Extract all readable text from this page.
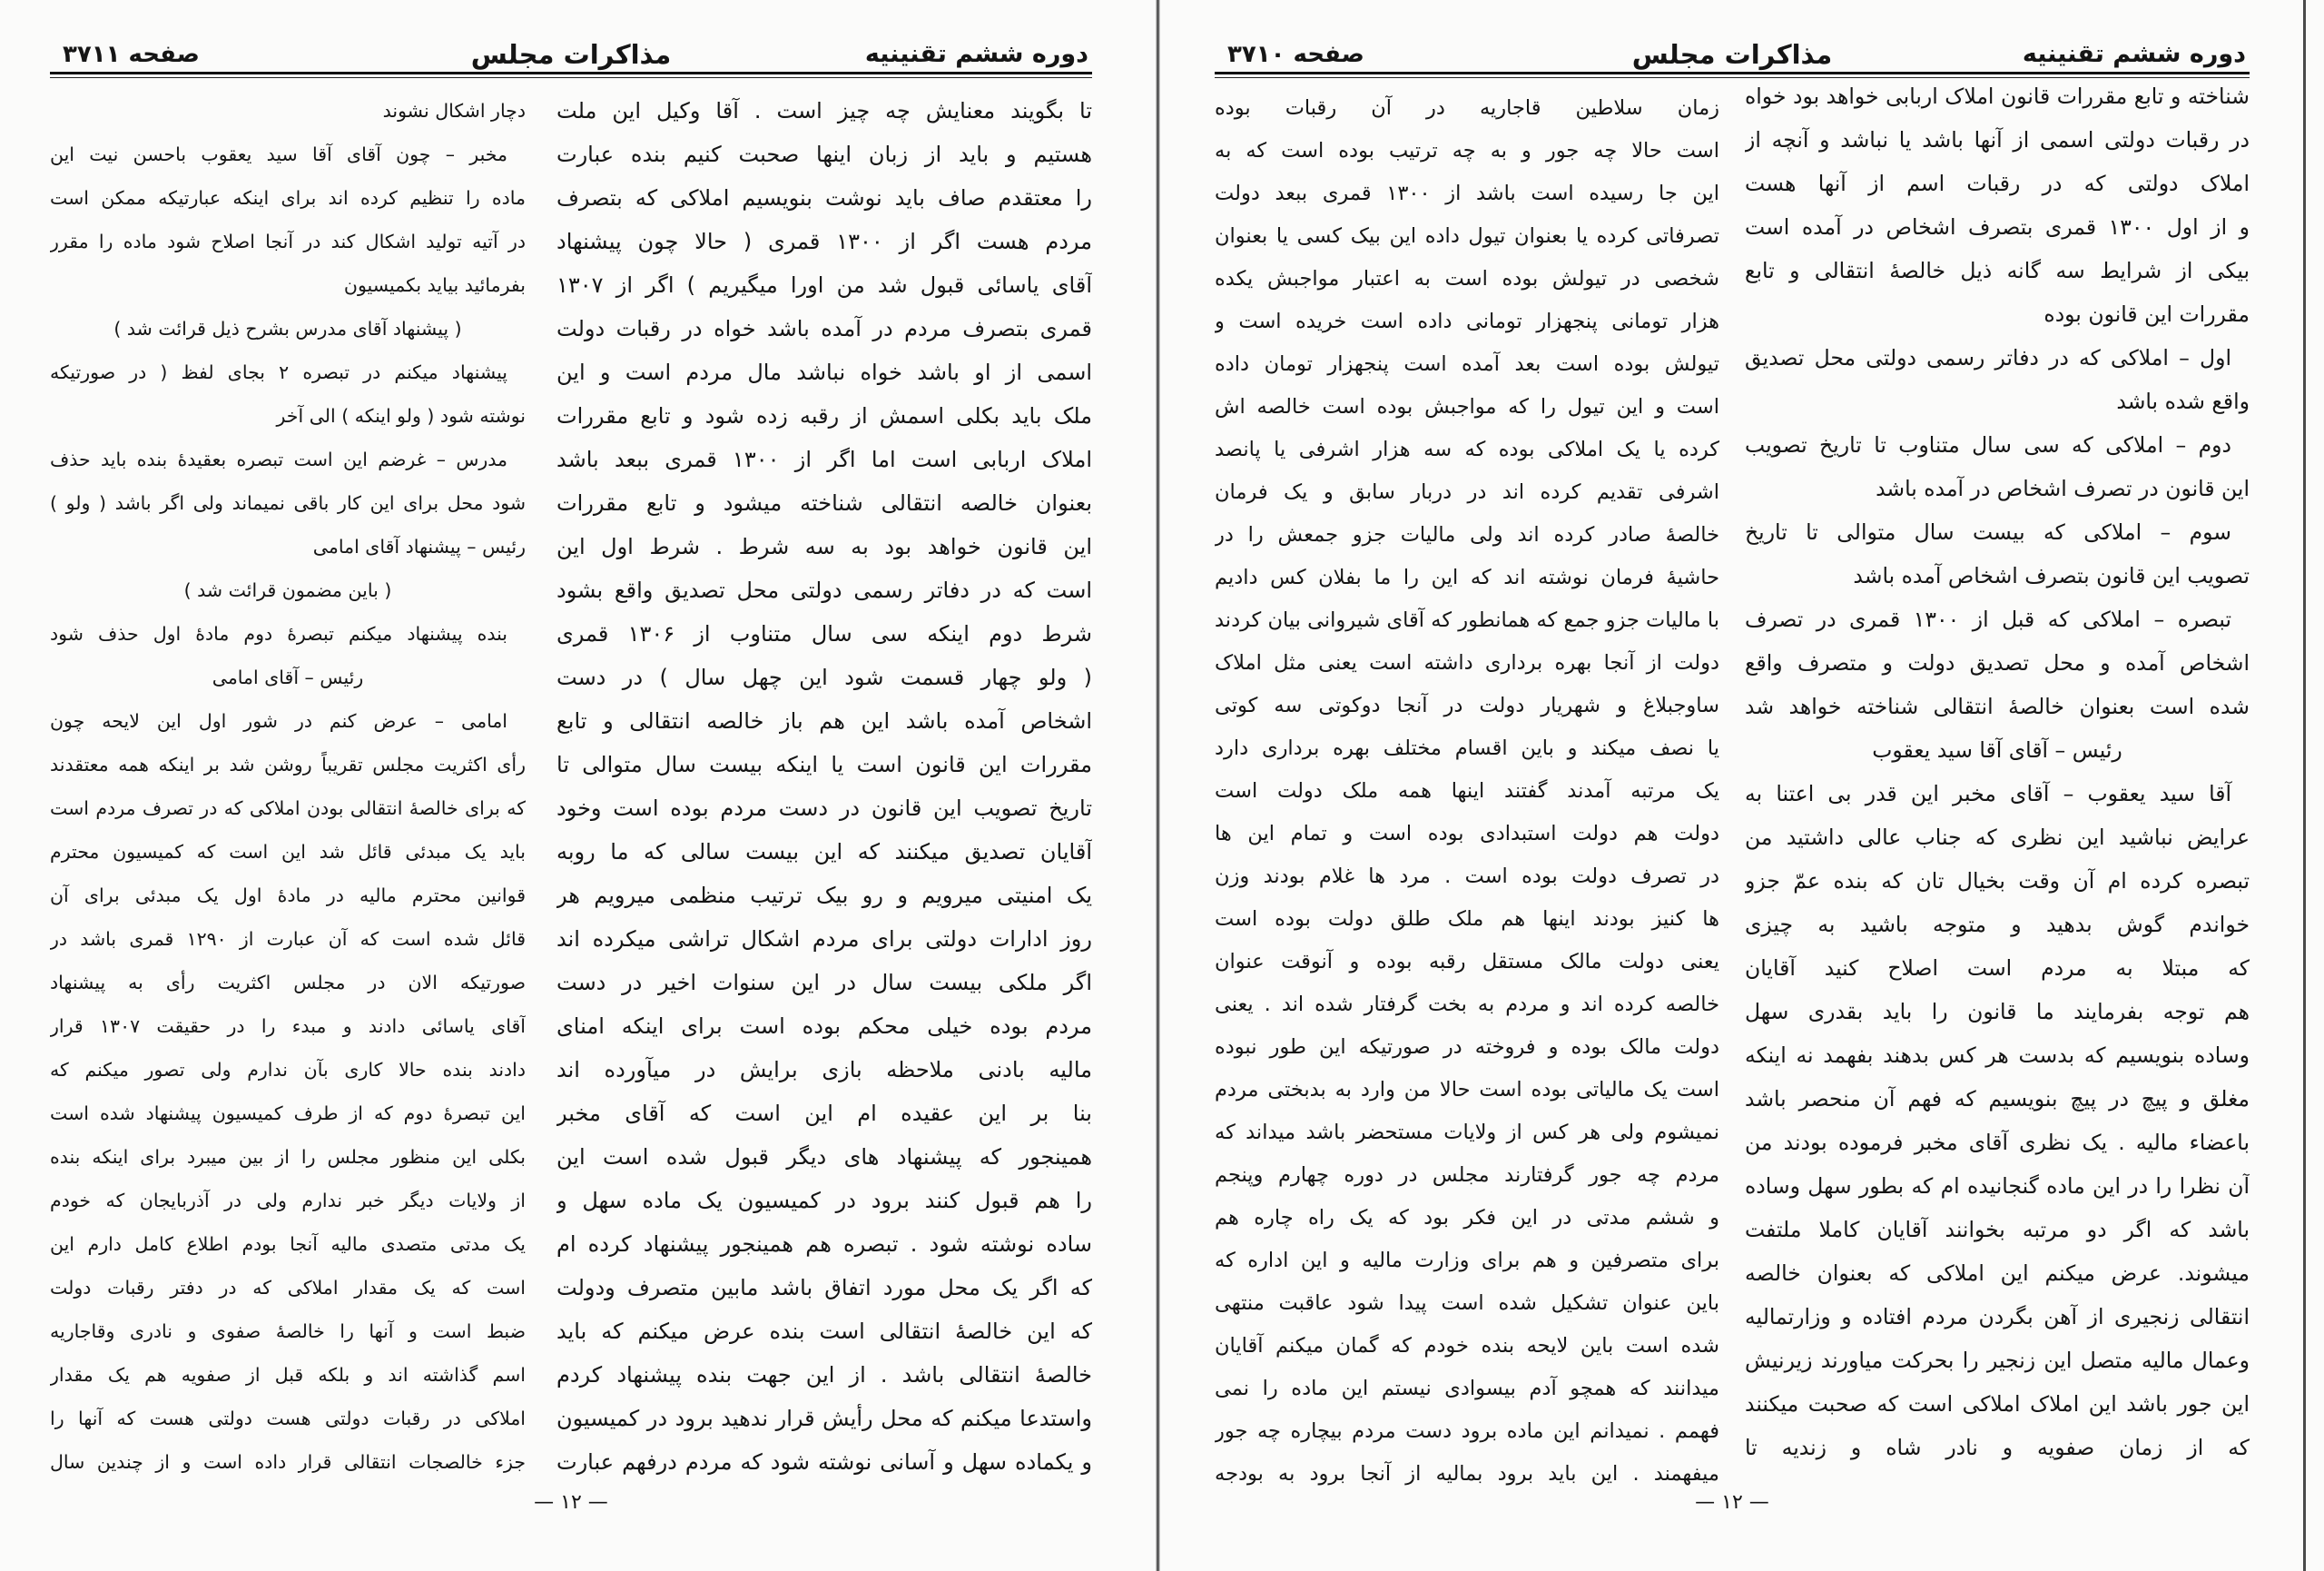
دوره ششم تقنینیه
مذاکرات مجلس
صفحه ۳۷۱۰
شناخته و تابع مقررات قانون املاک اربابی خواهد بود خواه
در رقبات دولتی اسمی از آنها باشد یا نباشد و آنچه از
املاک دولتی که در رقبات اسم از آنها هست
و از اول ۱۳۰۰ قمری بتصرف اشخاص در آمده است
بیکی از شرایط سه گانه ذیل خالصهٔ انتقالی و تابع
مقررات این قانون بوده
اول – املاکی که در دفاتر رسمی دولتی محل تصدیق
واقع شده باشد
دوم – املاکی که سی سال متناوب تا تاریخ تصویب
این قانون در تصرف اشخاص در آمده باشد
سوم – املاکی که بیست سال متوالی تا تاریخ
تصویب این قانون بتصرف اشخاص آمده باشد
تبصره – املاکی که قبل از ۱۳۰۰ قمری در تصرف
اشخاص آمده و محل تصدیق دولت و متصرف واقع
شده است بعنوان خالصهٔ انتقالی شناخته خواهد شد
رئیس – آقای آقا سید یعقوب
آقا سید یعقوب – آقای مخبر این قدر بی اعتنا به
عرایض نباشید این نظری که جناب عالی داشتید من
تبصره کرده ام آن وقت بخیال تان که بنده عمّ جزو
خواندم گوش بدهید و متوجه باشید به چیزی
که مبتلا به مردم است اصلاح کنید آقایان
هم توجه بفرمایند ما قانون را باید بقدری سهل
وساده بنویسیم که بدست هر کس بدهند بفهمد نه اینکه
مغلق و پیچ در پیچ بنویسیم که فهم آن منحصر باشد
باعضاء مالیه . یک نظری آقای مخبر فرموده بودند من
آن نظرا را در این ماده گنجانیده ام که بطور سهل وساده
باشد که اگر دو مرتبه بخوانند آقایان کاملا ملتفت
میشوند. عرض میکنم این املاکی که بعنوان خالصه
انتقالی زنجیری از آهن بگردن مردم افتاده و وزارتمالیه
وعمال مالیه متصل این زنجیر را بحرکت میاورند زیرنیش
این جور باشد این املاک املاکی است که صحبت میکنند
که از زمان صفویه و نادر شاه و زندیه تا
زمان سلاطین قاجاریه در آن رقبات بوده
است حالا چه جور و به چه ترتیب بوده است که به
این جا رسیده است باشد از ۱۳۰۰ قمری ببعد دولت
تصرفاتی کرده یا بعنوان تیول داده این بیک کسی یا بعنوان
شخصی در تیولش بوده است به اعتبار مواجبش یکده
هزار تومانی پنجهزار تومانی داده است خریده است و
تیولش بوده است بعد آمده است پنجهزار تومان داده
است و این تیول را که مواجبش بوده است خالصه اش
کرده یا یک املاکی بوده که سه هزار اشرفی یا پانصد
اشرفی تقدیم کرده اند در دربار سابق و یک فرمان
خالصهٔ صادر کرده اند ولی مالیات جزو جمعش را در
حاشیهٔ فرمان نوشته اند که این را ما بفلان کس دادیم
با مالیات جزو جمع که همانطور که آقای شیروانی بیان کردند
دولت از آنجا بهره برداری داشته است یعنی مثل املاک
ساوجبلاغ و شهریار دولت در آنجا دوکوتی سه کوتی
یا نصف میکند و باین اقسام مختلف بهره برداری دارد
یک مرتبه آمدند گفتند اینها همه ملک دولت است
دولت هم دولت استبدادی بوده است و تمام این ها
در تصرف دولت بوده است . مرد ها غلام بودند وزن
ها کنیز بودند اینها هم ملک طلق دولت بوده است
یعنی دولت مالک مستقل رقبه بوده و آنوقت عنوان
خالصه کرده اند و مردم به بخت گرفتار شده اند . یعنی
دولت مالک بوده و فروخته در صورتیکه این طور نبوده
است یک مالیاتی بوده است حالا من وارد به بدبختی مردم
نمیشوم ولی هر کس از ولایات مستحضر باشد میداند که
مردم چه جور گرفتارند مجلس در دوره چهارم وپنجم
و ششم مدتی در این فکر بود که یک راه چاره هم
برای متصرفین و هم برای وزارت مالیه و این اداره که
باین عنوان تشکیل شده است پیدا شود عاقبت منتهی
شده است باین لایحه بنده خودم که گمان میکنم آقایان
میدانند که همچو آدم بیسوادی نیستم این ماده را نمی
فهمم . نمیدانم این ماده برود دست مردم بیچاره چه جور
میفهمند . این باید برود بمالیه از آنجا برود به بودجه
— ۱۲ —
دوره ششم تقنینیه
مذاکرات مجلس
صفحه ۳۷۱۱
تا بگویند معنایش چه چیز است . آقا وکیل این ملت
هستیم و باید از زبان اینها صحبت کنیم بنده عبارت
را معتقدم صاف باید نوشت بنویسیم املاکی که بتصرف
مردم هست اگر از ۱۳۰۰ قمری ( حالا چون پیشنهاد
آقای یاسائی قبول شد من اورا میگیریم ) اگر از ۱۳۰۷
قمری بتصرف مردم در آمده باشد خواه در رقبات دولت
اسمی از او باشد خواه نباشد مال مردم است و این
ملک باید بکلی اسمش از رقبه زده شود و تابع مقررات
املاک اربابی است اما اگر از ۱۳۰۰ قمری ببعد باشد
بعنوان خالصه انتقالی شناخته میشود و تابع مقررات
این قانون خواهد بود به سه شرط . شرط اول این
است که در دفاتر رسمی دولتی محل تصدیق واقع بشود
شرط دوم اینکه سی سال متناوب از ۱۳۰۶ قمری
( ولو چهار قسمت شود این چهل سال ) در دست
اشخاص آمده باشد این هم باز خالصه انتقالی و تابع
مقررات این قانون است یا اینکه بیست سال متوالی تا
تاریخ تصویب این قانون در دست مردم بوده است وخود
آقایان تصدیق میکنند که این بیست سالی که ما روبه
یک امنیتی میرویم و رو بیک ترتیب منظمی میرویم هر
روز ادارات دولتی برای مردم اشکال تراشی میکرده اند
اگر ملکی بیست سال در این سنوات اخیر در دست
مردم بوده خیلی محکم بوده است برای اینکه امنای
مالیه بادنی ملاحظه بازی برایش در میآورده اند
بنا بر این عقیده ام این است که آقای مخبر
همینجور که پیشنهاد های دیگر قبول شده است این
را هم قبول کنند برود در کمیسیون یک ماده سهل و
ساده نوشته شود . تبصره هم همینجور پیشنهاد کرده ام
که اگر یک محل مورد اتفاق باشد مابین متصرف ودولت
که این خالصهٔ انتقالی است بنده عرض میکنم که باید
خالصهٔ انتقالی باشد . از این جهت بنده پیشنهاد کردم
واستدعا میکنم که محل رأیش قرار ندهید برود در کمیسیون
و یکماده سهل و آسانی نوشته شود که مردم درفهم عبارت
دچار اشکال نشوند
مخبر – چون آقای آقا سید یعقوب باحسن نیت این
ماده را تنظیم کرده اند برای اینکه عبارتیکه ممکن است
در آتیه تولید اشکال کند در آنجا اصلاح شود ماده را مقرر
بفرمائید بیاید بکمیسیون
( پیشنهاد آقای مدرس بشرح ذیل قرائت شد )
پیشنهاد میکنم در تبصره ۲ بجای لفظ ( در صورتیکه
نوشته شود ( ولو اینکه ) الی آخر
مدرس – غرضم این است تبصره بعقیدهٔ بنده باید حذف
شود محل برای این کار باقی نمیماند ولی اگر باشد ( ولو )
رئیس – پیشنهاد آقای امامی
( باین مضمون قرائت شد )
بنده پیشنهاد میکنم تبصرهٔ دوم مادهٔ اول حذف شود
رئیس – آقای امامی
امامی – عرض کنم در شور اول این لایحه چون
رأی اکثریت مجلس تقریباً روشن شد بر اینکه همه معتقدند
که برای خالصهٔ انتقالی بودن املاکی که در تصرف مردم است
باید یک مبدئی قائل شد این است که کمیسیون محترم
قوانین محترم مالیه در مادهٔ اول یک مبدئی برای آن
قائل شده است که آن عبارت از ۱۲۹۰ قمری باشد در
صورتیکه الان در مجلس اکثریت رأی به پیشنهاد
آقای یاسائی دادند و مبدء را در حقیقت ۱۳۰۷ قرار
دادند بنده حالا کاری بآن ندارم ولی تصور میکنم که
این تبصرهٔ دوم که از طرف کمیسیون پیشنهاد شده است
بکلی این منظور مجلس را از بین میبرد برای اینکه بنده
از ولایات دیگر خبر ندارم ولی در آذربایجان که خودم
یک مدتی متصدی مالیه آنجا بودم اطلاع کامل دارم این
است که یک مقدار املاکی که در دفتر رقبات دولت
ضبط است و آنها را خالصهٔ صفوی و نادری وقاجاریه
اسم گذاشته اند و بلکه قبل از صفویه هم یک مقدار
املاکی در رقبات دولتی هست دولتی هست که آنها را
جزء خالصجات انتقالی قرار داده است و از چندین سال
— ۱۲ —
